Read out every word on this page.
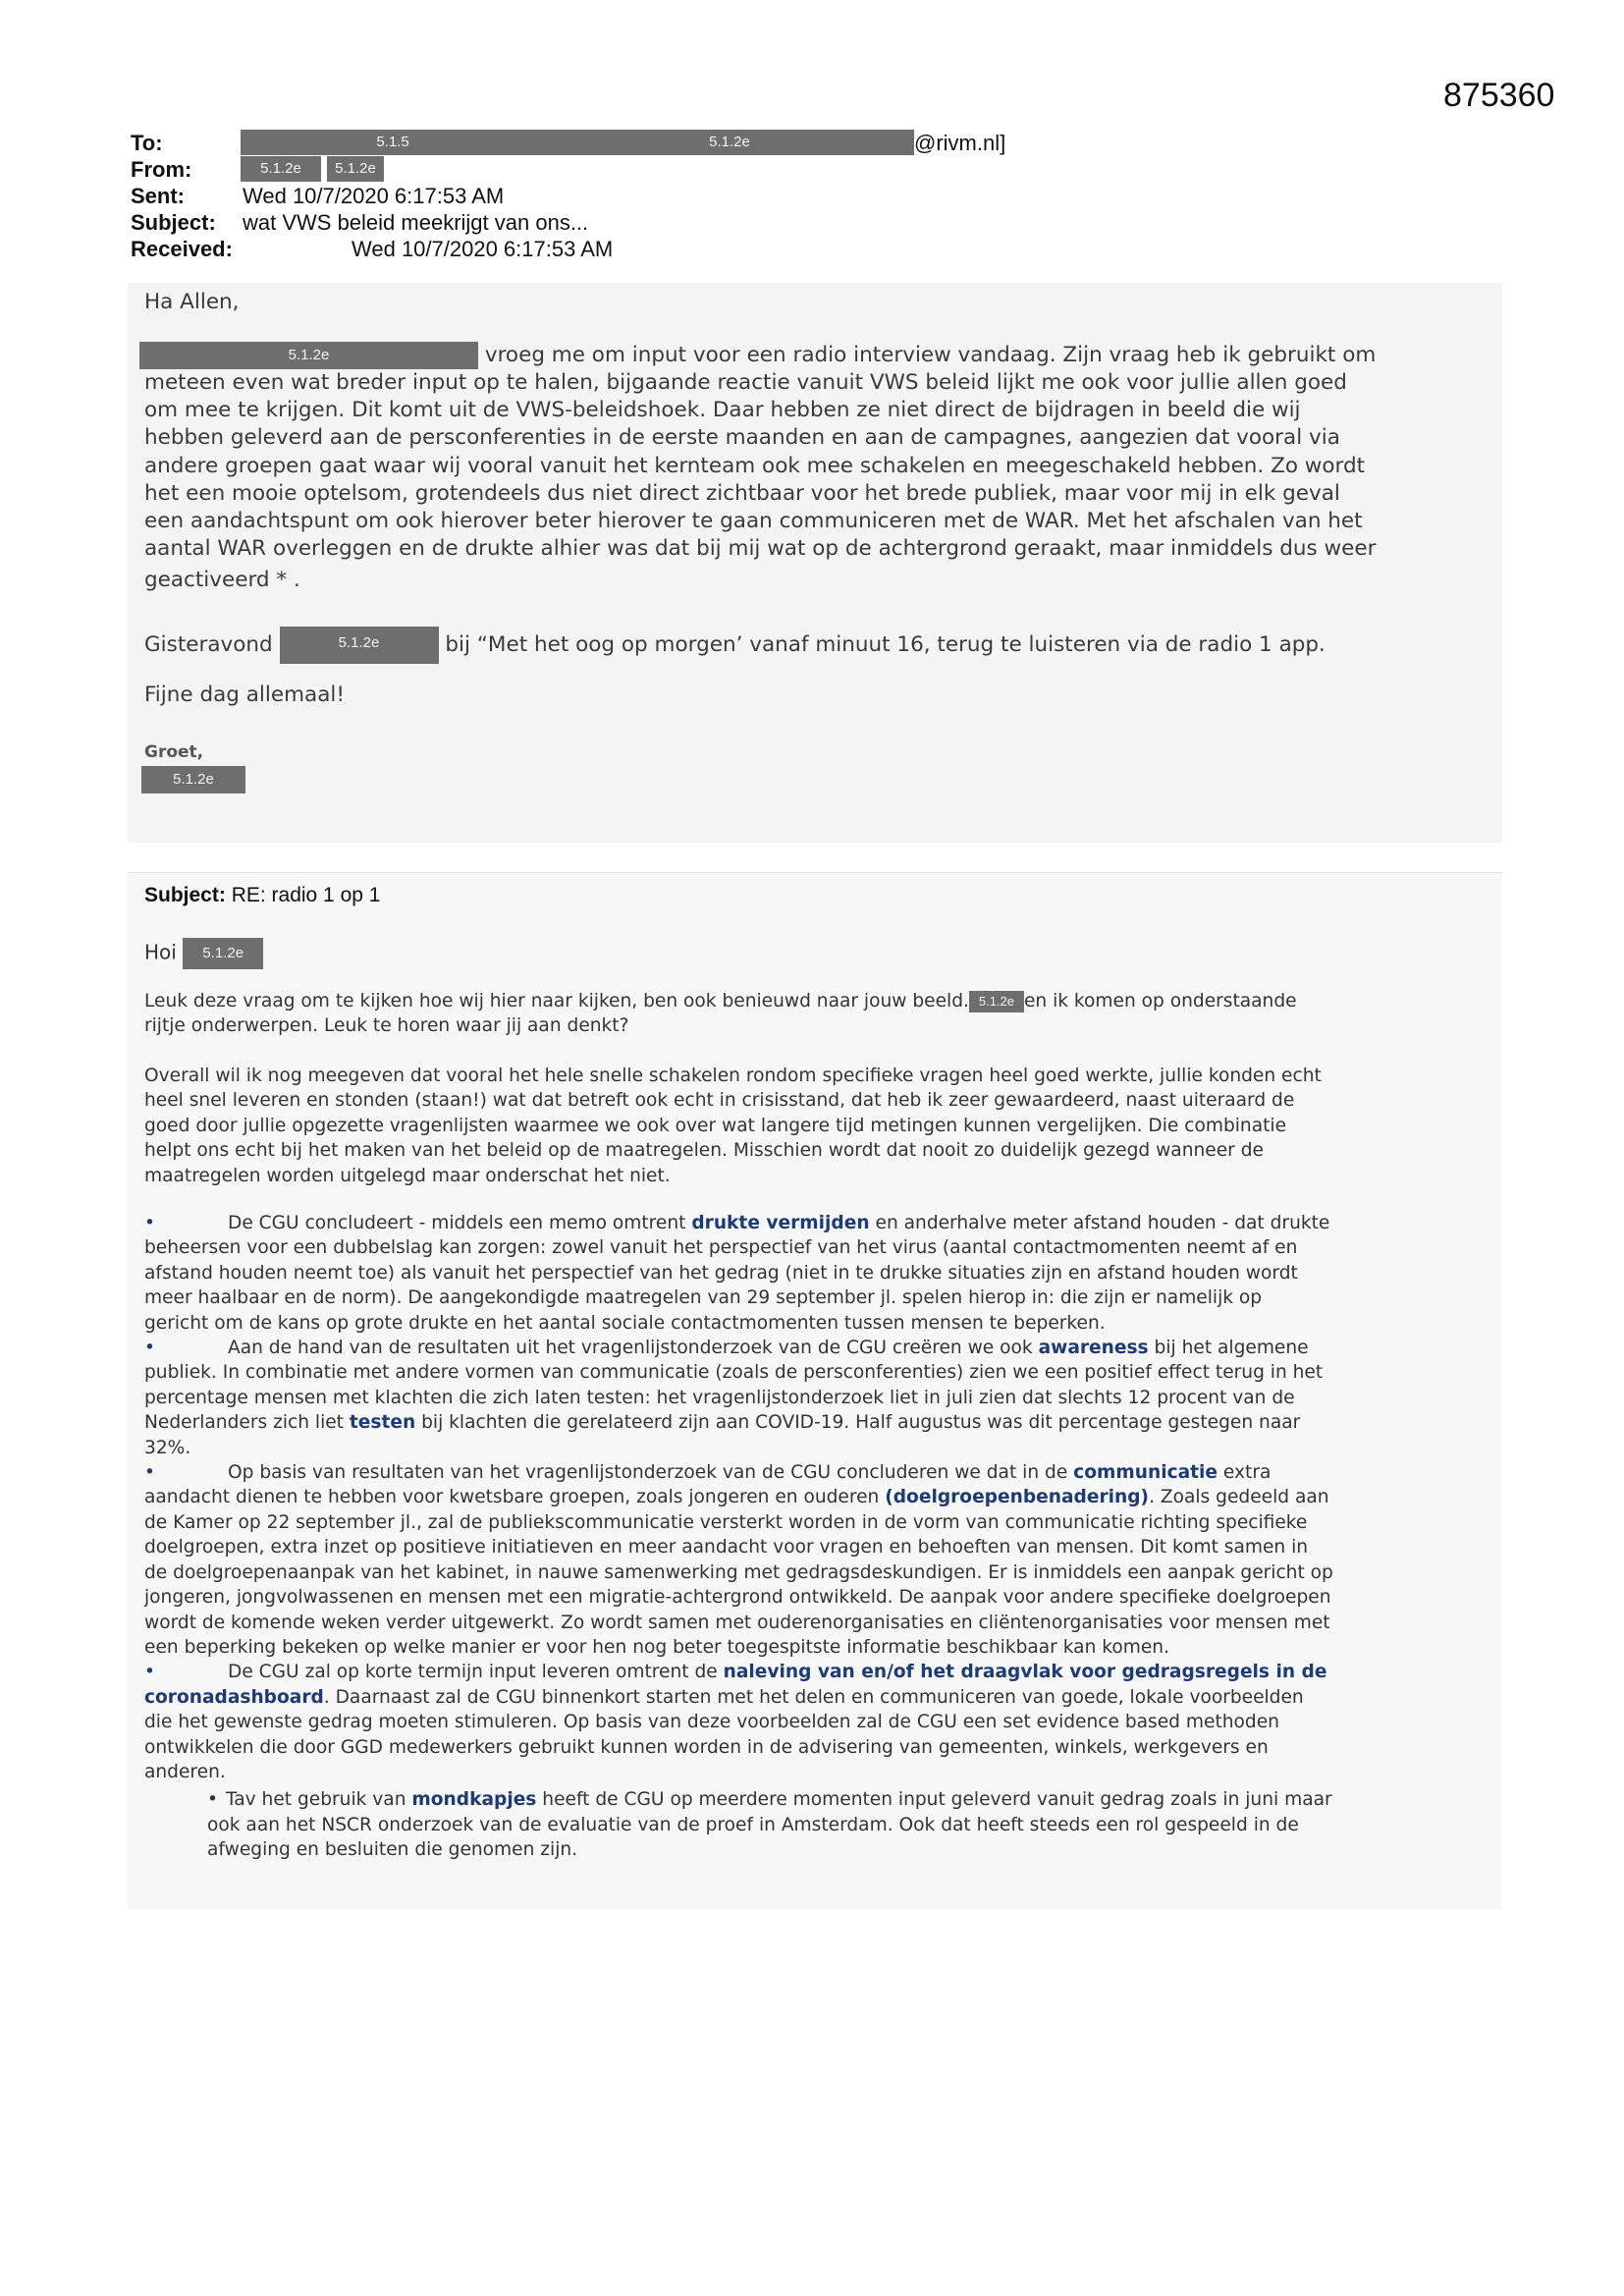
875360
To:	5.1.5	5.1.2e	@rivm.nl]
From:	5.1.2e 5.1.2e
Sent:	Wed 10/7/2020 6:17:53 AM
Subject: wat VWS beleid meekrijgt van ons...
Received:	Wed 10/7/2020 6:17:53 AM
Ha Allen,
5.1.2e	vroeg me om input voor een radio interview vandaag. Zijn vraag heb ik gebruikt om
meteen even wat breder input op te halen, bijgaande reactie vanuit VWS beleid lijkt me ook voor jullie allen goed
om mee te krijgen. Dit komt uit de VWS-beleidshoek. Daar hebben ze niet direct de bijdragen in beeld die wij
hebben geleverd aan de persconferenties in de eerste maanden en aan de campagnes, aangezien dat vooral via
andere groepen gaat waar wij vooral vanuit het kernteam ook mee schakelen en meegeschakeld hebben. Zo wordt
het een mooie optelsom, grotendeels dus niet direct zichtbaar voor het brede publiek, maar voor mij in elk geval
een aandachtspunt om ook hierover beter hierover te gaan communiceren met de WAR. Met het afschalen van het
aantal WAR overleggen en de drukte alhier was dat bij mij wat op de achtergrond geraakt, maar inmiddels dus weer
geactiveerd * .
Gisteravond	5.1.2e	bij “Met het oog op morgen’ vanaf minuut 16, terug te luisteren via de radio 1 app.
Fijne dag allemaal!
Groet,
5.1.2e
Subject: RE: radio 1 op 1
Hoi 5.1.2e
Leuk deze vraag om te kijken hoe wij hier naar kijken, ben ook benieuwd naar jouw beeld. 5.1.2e en ik komen op onderstaande
rijtje onderwerpen. Leuk te horen waar jij aan denkt?
Overall wil ik nog meegeven dat vooral het hele snelle schakelen rondom specifieke vragen heel goed werkte, jullie konden echt
heel snel leveren en stonden (staan!) wat dat betreft ook echt in crisisstand, dat heb ik zeer gewaardeerd, naast uiteraard de
goed door jullie opgezette vragenlijsten waarmee we ook over wat langere tijd metingen kunnen vergelijken. Die combinatie
helpt ons echt bij het maken van het beleid op de maatregelen. Misschien wordt dat nooit zo duidelijk gezegd wanneer de
maatregelen worden uitgelegd maar onderschat het niet.
•	De CGU concludeert - middels een memo omtrent drukte vermijden en anderhalve meter afstand houden - dat drukte
beheersen voor een dubbelslag kan zorgen: zowel vanuit het perspectief van het virus (aantal contactmomenten neemt af en
afstand houden neemt toe) als vanuit het perspectief van het gedrag (niet in te drukke situaties zijn en afstand houden wordt
meer haalbaar en de norm). De aangekondigde maatregelen van 29 september jl. spelen hierop in: die zijn er namelijk op
gericht om de kans op grote drukte en het aantal sociale contactmomenten tussen mensen te beperken.
•	Aan de hand van de resultaten uit het vragenlijstonderzoek van de CGU creëren we ook awareness bij het algemene
publiek. In combinatie met andere vormen van communicatie (zoals de persconferenties) zien we een positief effect terug in het
percentage mensen met klachten die zich laten testen: het vragenlijstonderzoek liet in juli zien dat slechts 12 procent van de
Nederlanders zich liet testen bij klachten die gerelateerd zijn aan COVID-19. Half augustus was dit percentage gestegen naar
32%.
•	Op basis van resultaten van het vragenlijstonderzoek van de CGU concluderen we dat in de communicatie extra
aandacht dienen te hebben voor kwetsbare groepen, zoals jongeren en ouderen (doelgroepenbenadering). Zoals gedeeld aan
de Kamer op 22 september jl., zal de publiekscommunicatie versterkt worden in de vorm van communicatie richting specifieke
doelgroepen, extra inzet op positieve initiatieven en meer aandacht voor vragen en behoeften van mensen. Dit komt samen in
de doelgroepenaanpak van het kabinet, in nauwe samenwerking met gedragsdeskundigen. Er is inmiddels een aanpak gericht op
jongeren, jongvolwassenen en mensen met een migratie-achtergrond ontwikkeld. De aanpak voor andere specifieke doelgroepen
wordt de komende weken verder uitgewerkt. Zo wordt samen met ouderenorganisaties en cliëntenorganisaties voor mensen met
een beperking bekeken op welke manier er voor hen nog beter toegespitste informatie beschikbaar kan komen.
•	De CGU zal op korte termijn input leveren omtrent de naleving van en/of het draagvlak voor gedragsregels in de
coronadashboard. Daarnaast zal de CGU binnenkort starten met het delen en communiceren van goede, lokale voorbeelden
die het gewenste gedrag moeten stimuleren. Op basis van deze voorbeelden zal de CGU een set evidence based methoden
ontwikkelen die door GGD medewerkers gebruikt kunnen worden in de advisering van gemeenten, winkels, werkgevers en
anderen.
• Tav het gebruik van mondkapjes heeft de CGU op meerdere momenten input geleverd vanuit gedrag zoals in juni maar
ook aan het NSCR onderzoek van de evaluatie van de proef in Amsterdam. Ook dat heeft steeds een rol gespeeld in de
afweging en besluiten die genomen zijn.
